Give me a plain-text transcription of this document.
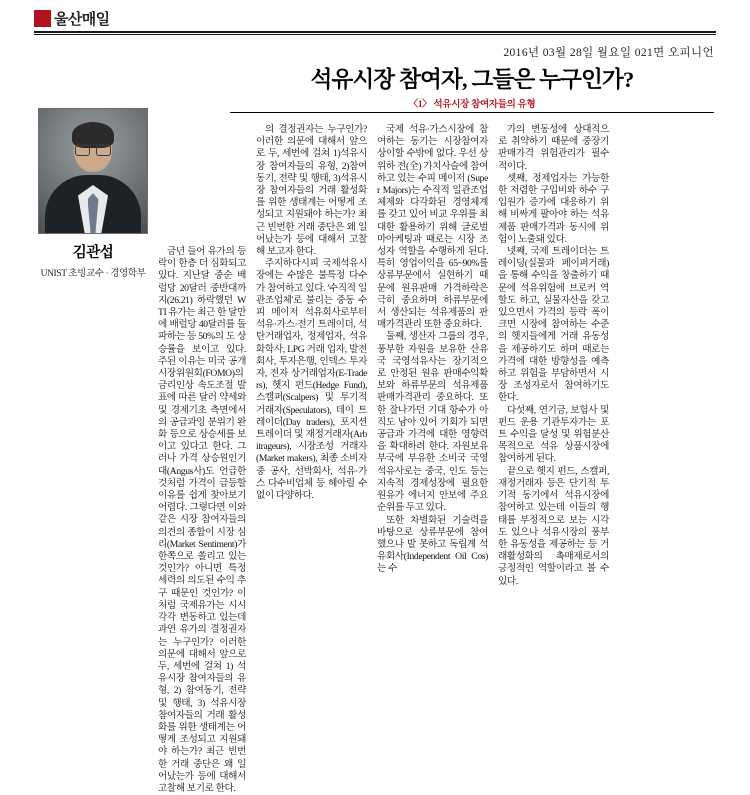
울산매일
2016년 03월 28일 월요일 021면 오피니언
석유시장 참여자, 그들은 누구인가?
〈1〉 석유시장 참여자들의 유형
김관섭
UNIST 초빙교수 · 경영학부

금년 들어 유가의 등락이 한층 더 심화되고 있다. 지난달 중순 배럴당 20달러 중반대까지(26.21) 하락했던 WTI 유가는 최근 한 달만에 배럴당 40달러를 돌파하는 등 50%의 도 상승률을 보이고 있다. 주된 이유는 미국 공개시장위원회(FOMO)의 금리인상 속도조절 발표에 따른 달러 약세와 및 경제기초 측면에서의 공급과잉 분위기 완화 등으로 상승세를 보이고 있다고 한다. 그러나 가격 상승원인기대(Angus사)도 언급한 것처럼 가격이 급등할 이유를 쉽게 찾아보기 어렵다. 그렇다면 이와 같은 시장 참여자들의 의견의 종합이 시장 심리(Market Sentiment)가 한쪽으로 쏠리고 있는 것인가? 아니면 특정 세력의 의도된 수익 추구 때문인 것인가? 이처럼 국제유가는 시시각각 변동하고 있는데 과연 유가의 결정권자는 누구인가? 이러한 의문에 대해서 앞으로 두, 세번에 걸쳐 1) 석유시장 참여자들의 유형, 2) 참여동기, 전략 및 행태, 3) 석유시장 참여자들의 거래 활성화를 위한 생태계는 어떻게 조성되고 지원돼야 하는가? 최근 빈번한 거래 중단은 왜 일어났는가 등에 대해서 고찰해 보기로 한다.

의 결정권자는 누구인가? 이러한 의문에 대해서 앞으로 두, 세번에 걸쳐 1)석유시장 참여자들의 유형, 2)참여동기, 전략 및 행태, 3)석유시장 참여자들의 거래 활성화를 위한 생태계는 어떻게 조성되고 지원돼야 하는가? 최근 빈번한 거래 중단은 왜 일어났는가 등에 대해서 고찰해 보고자 한다.

주지하다시피 국제석유시장에는 수많은 불특정 다수가 참여하고 있다. '수직적 일관조업체'로 불리는 중동 수피 메이저 석유회사로부터 석유·가스·전기 트레이더, 석탄거래업자, 정제업자, 석유화학사, LPG 거래 업자, 발전회사, 투자은행, 인덱스 투자자, 전자 상거래업자(E-Traders), 헷지 펀드(Hedge Fund), 스캘퍼(Scalpers) 및 투기적 거래자(Speculators), 데이 트레이더(Day traders), 포지션 트레이더 및 재정거래자(Arbitrageurs), 시장조성 거래자(Market makers), 최종 소비자 중 공사, 선박회사, 석유·가스 다수비업체 등 헤아릴 수 없이 다양하다.

국제 석유·가스시장에 참여하는 동기는 시장참여자 상이할 수밖에 없다. 우선 상위하 전(全) 가치사슬에 참여하고 있는 수피 메이저 (Super Majors)는 수직적 일관조업체제와 다각화된 경영체계를 갖고 있어 비교 우위를 최대한 활용하기 위해 글로벌 마아케팅과 때로는 시장 조성자 역할을 수행하게 된다. 특히 영업이익을 65~90%를 상류부문에서 실현하기 때문에 원유판매 가격하락은 극히 중요하며 하류부문에서 생산되는 석유제품의 판매가격관리 또한 중요하다.

둘째, 생산자 그룹의 경우, 풍부한 자원을 보유한 산유국 국영석유사는 장기적으로 안정된 원유 판매수익확보와 하류부문의 석유제품 판매가격관리 중요하다. 또한 잘나가던 기대 항수가 아직도 남아 있어 기회가 되면 공급과 가격에 대한 영향력을 확대하려 한다. 자원보유 부국에 부유한 소비국 국영석유사로는 중국, 인도 등는 지속적 경제성장에 필요한 원유가 에너지 안보에 주요 순위를 두고 있다.

또한 차별화된 기술력을 바탕으로 상류부문에 참여했으나 발 못하고 독립계 석유회사(Independent Oil Cos)는 수

가의 변동성에 상대적으로 취약하기 때문에 중장기 판매가격 위험관리가 필수적이다.

셋째, 정제업자는 가능한 한 저렴한 구입비와 하수 구입원가 증가에 대응하기 위해 비싸게 팔아야 하는 석유제품 판매가격과 동시에 위험이 노출돼 있다.

넷째, 국제 트레이더는 트레이딩(실물과 페이퍼거래)을 통해 수익을 창출하기 때문에 석유위험에 브로커 역할도 하고, 실물자산을 갖고 있으면서 가격의 등락 폭이 크면 시장에 참여하는 수준의 헷지들에게 거래 유동성을 제공하기도 하며 때로는 가격에 대한 방향성을 예측하고 위험을 부담하면서 시장 조성자로서 참여하기도 한다.

다섯째, 연기금, 보험사 및 펀드 운용 기관투자가는 포트 수익을 달성 및 위험분산 목적으로 석유 상품시장에 참여하게 된다.

끝으로 헷지 펀드, 스캘퍼, 재정거래자 등은 단기적 투기적 동기에서 석유시장에 참여하고 있는데 이들의 행태를 부정적으로 보는 시각도 있으나 석유시장의 풍부한 유동성을 제공하는 등 거래활성화의 촉매제로서의 긍정적인 역할이라고 볼 수 있다.
